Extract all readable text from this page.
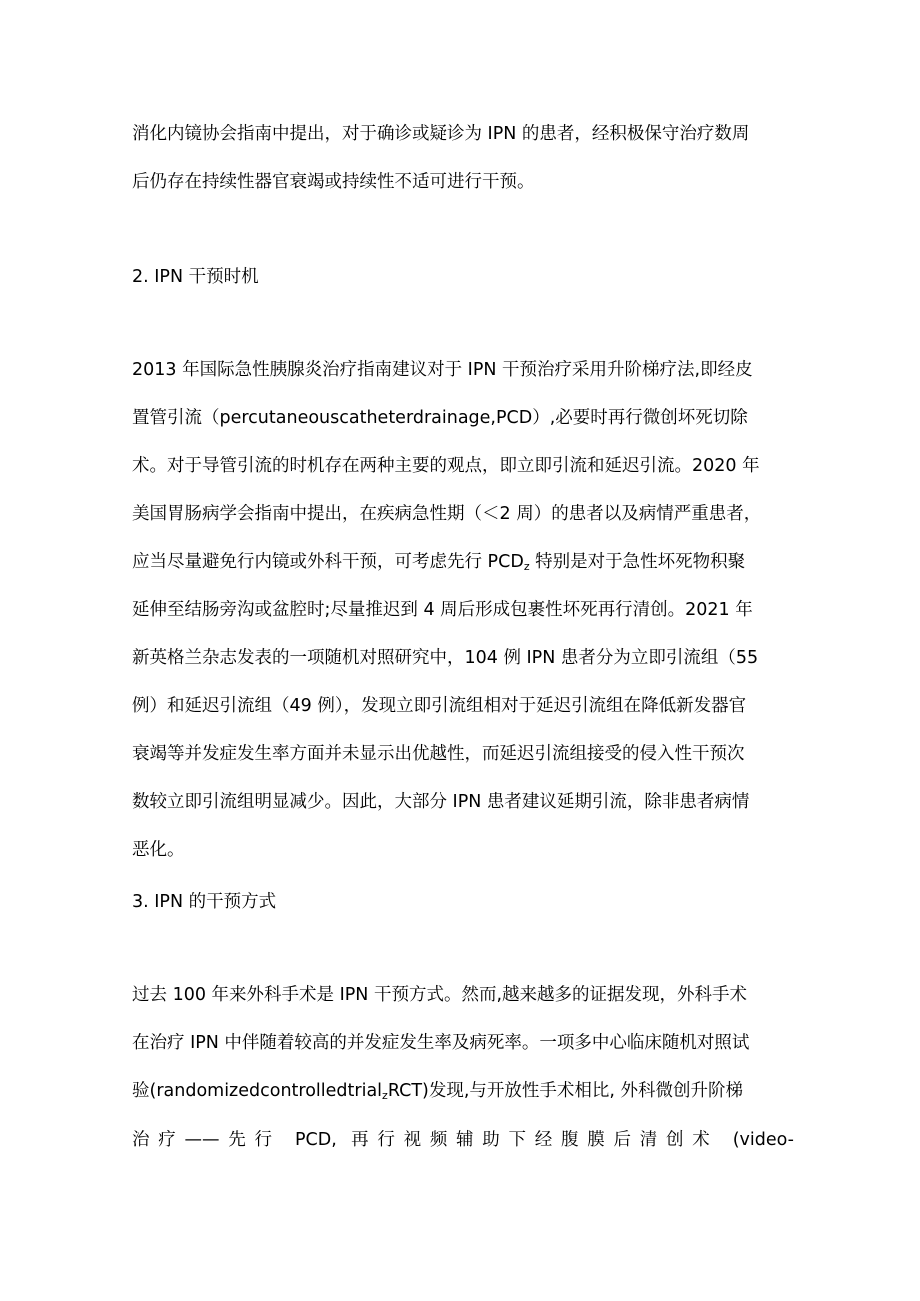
消化内镜协会指南中提出，对于确诊或疑诊为 IPN 的患者，经积极保守治疗数周
后仍存在持续性器官衰竭或持续性不适可进行干预。
2. IPN 干预时机
2013 年国际急性胰腺炎治疗指南建议对于 IPN 干预治疗采用升阶梯疗法,即经皮
置管引流（percutaneouscatheterdrainage,PCD）,必要时再行微创坏死切除
术。对于导管引流的时机存在两种主要的观点，即立即引流和延迟引流。2020 年
美国胃肠病学会指南中提出，在疾病急性期（＜2 周）的患者以及病情严重患者，
应当尽量避免行内镜或外科干预，可考虑先行 $PCD_z$ 特别是对于急性坏死物积聚
延伸至结肠旁沟或盆腔时;尽量推迟到 4 周后形成包裹性坏死再行清创。2021 年
新英格兰杂志发表的一项随机对照研究中，104 例 IPN 患者分为立即引流组（55
例）和延迟引流组（49 例），发现立即引流组相对于延迟引流组在降低新发器官
衰竭等并发症发生率方面并未显示出优越性，而延迟引流组接受的侵入性干预次
数较立即引流组明显减少。因此，大部分 IPN 患者建议延期引流，除非患者病情
恶化。
3. IPN 的干预方式
过去 100 年来外科手术是 IPN 干预方式。然而,越来越多的证据发现，外科手术
在治疗 IPN 中伴随着较高的并发症发生率及病死率。一项多中心临床随机对照试
验(randomizedcontrolledtrial$_z$RCT)发现,与开放性手术相比, 外科微创升阶梯
治疗——先行 PCD, 再行视频辅助下经腹膜后清创术 (video-
